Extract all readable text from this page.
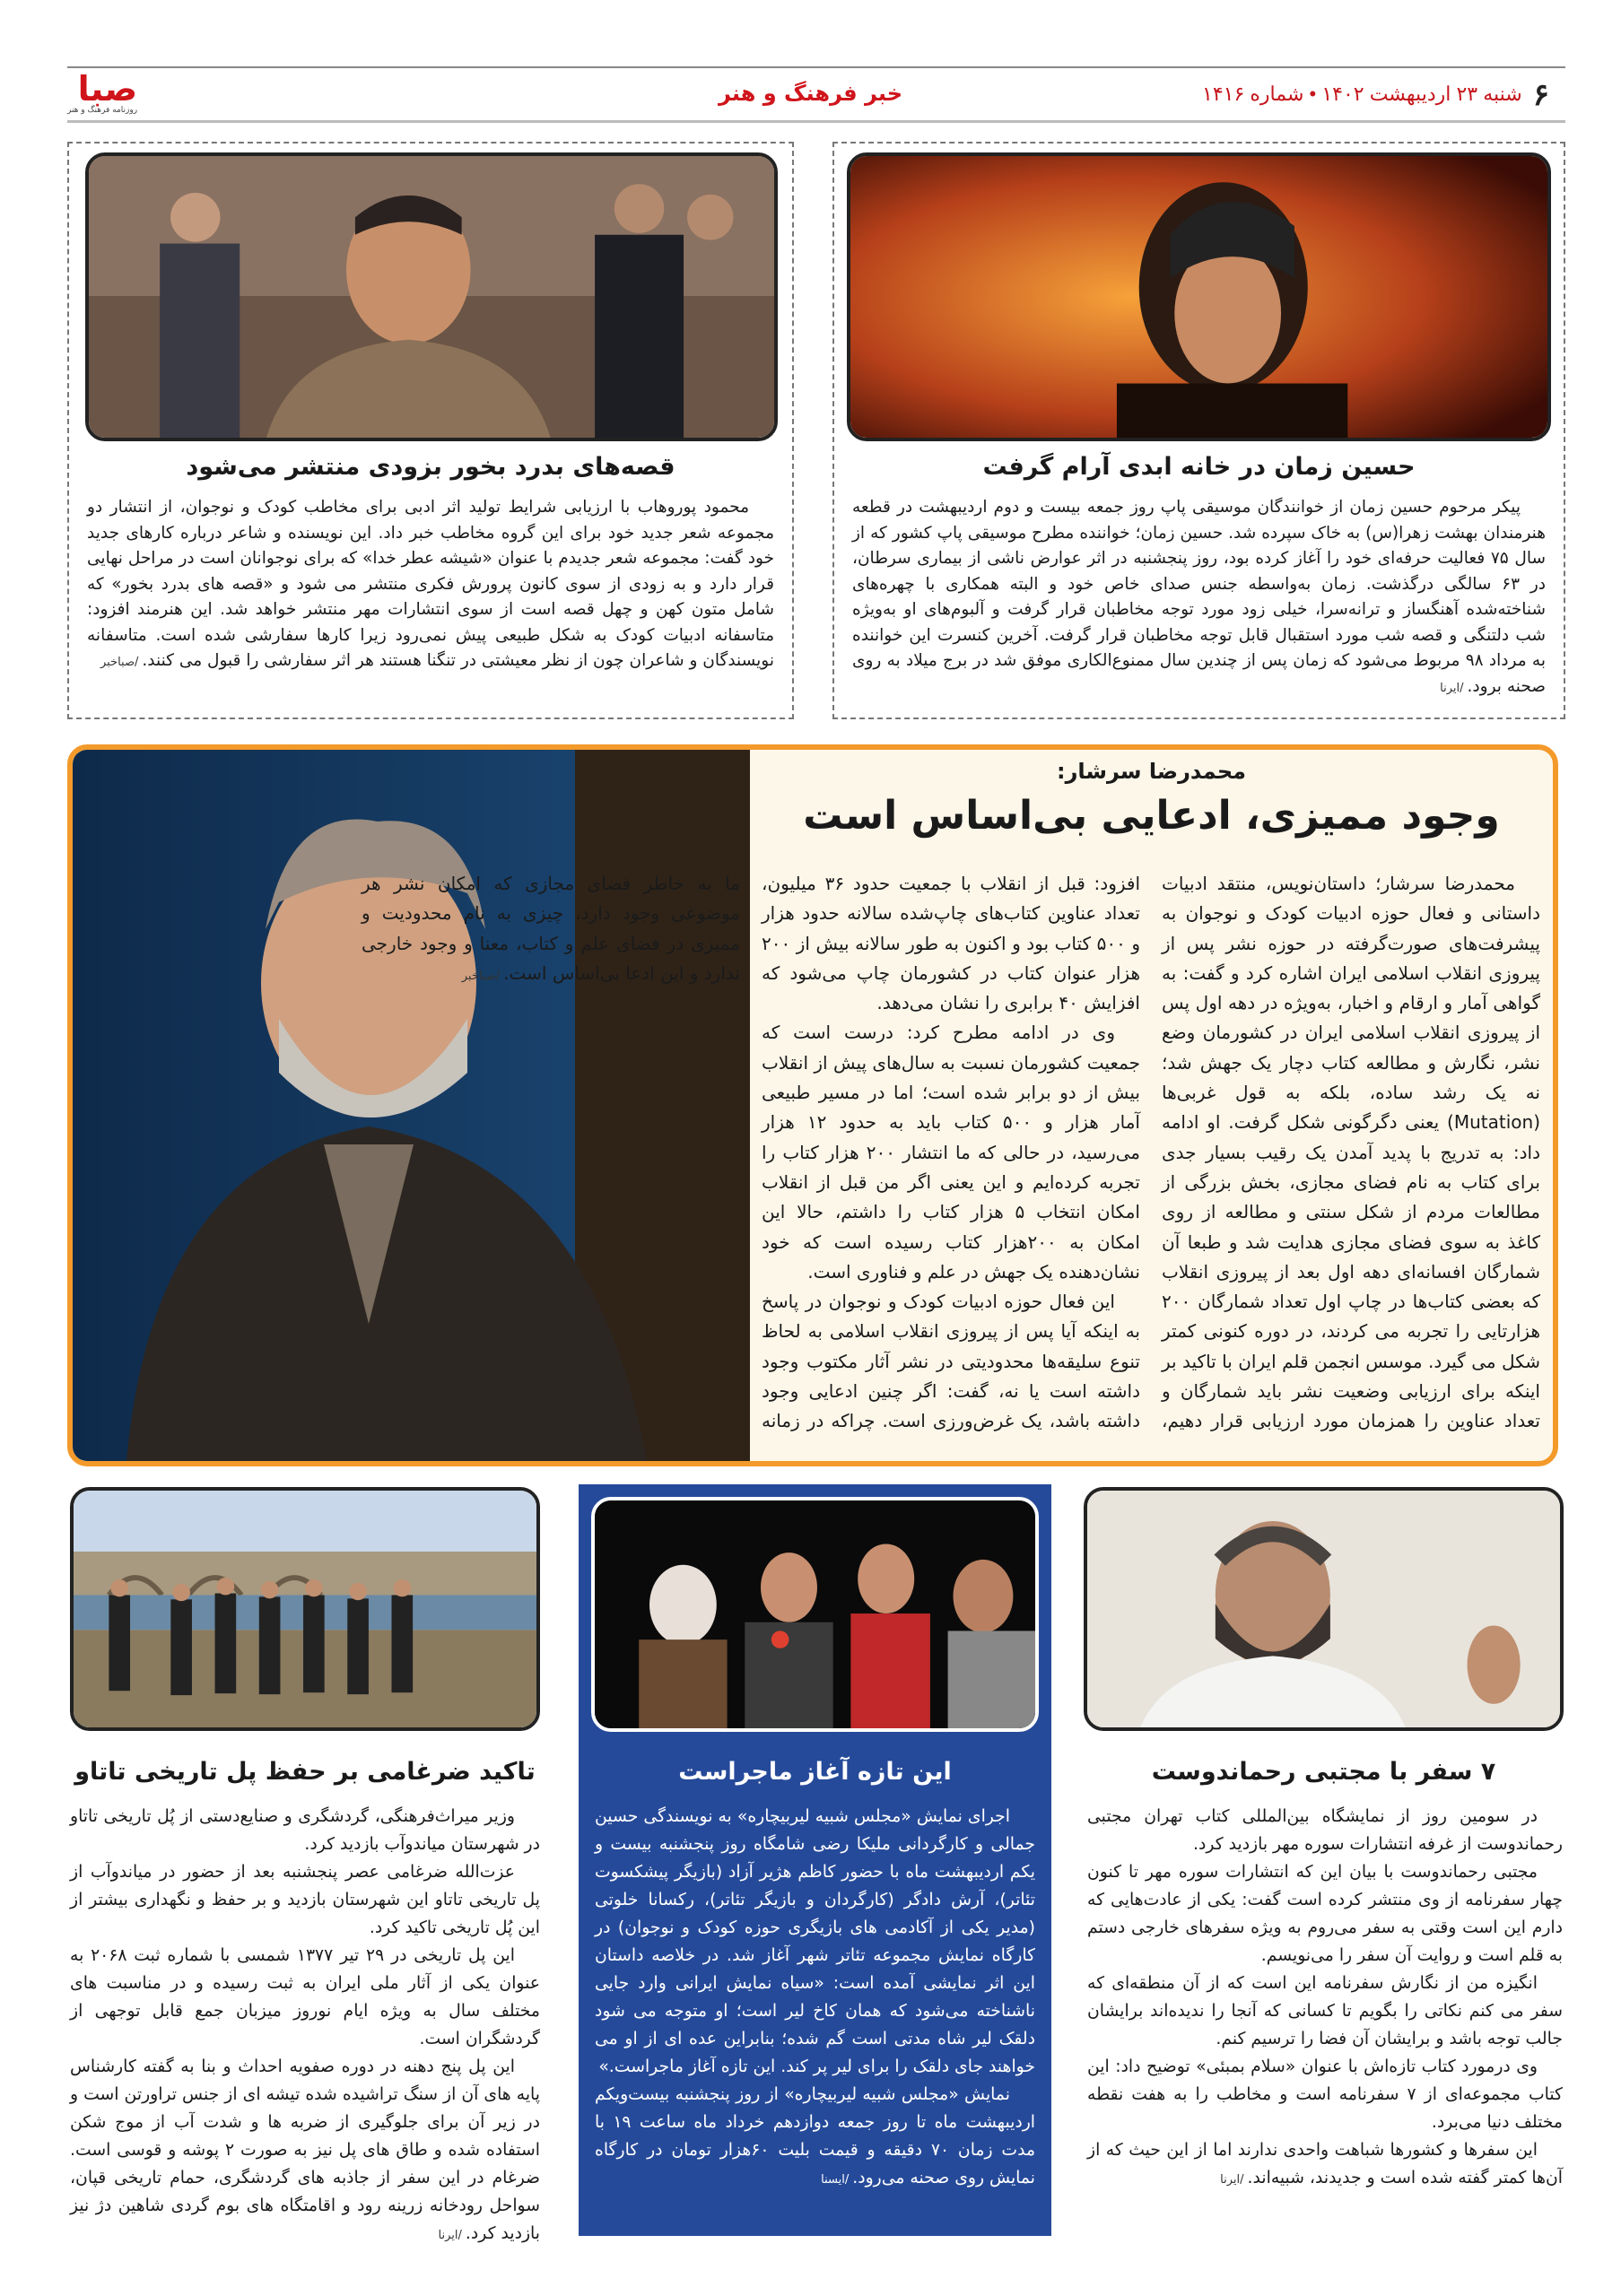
۶شنبه ۲۳ اردیبهشت ۱۴۰۲ • شماره ۱۴۱۶
خبر فرهنگ و هنر
صبا
روزنامه فرهنگ و هنر
حسین زمان در خانه ابدی آرام گرفت

پیکر مرحوم حسین زمان از خوانندگان موسیقی پاپ روز جمعه بیست و دوم اردیبهشت در قطعه هنرمندان بهشت زهرا(س) به خاک سپرده شد. حسین زمان؛ خواننده مطرح موسیقی پاپ کشور که از سال ۷۵ فعالیت حرفه‌ای خود را آغاز کرده بود، روز پنجشنبه در اثر عوارض ناشی از بیماری سرطان، در ۶۳ سالگی درگذشت. زمان به‌واسطه جنس صدای خاص خود و البته همکاری با چهره‌های شناخته‌شده آهنگساز و ترانه‌سرا، خیلی زود مورد توجه مخاطبان قرار گرفت و آلبوم‌های او به‌ویژه شب دلتنگی و قصه شب مورد استقبال قابل توجه مخاطبان قرار گرفت. آخرین کنسرت این خواننده به مرداد ۹۸ مربوط می‌شود که زمان پس از چندین سال ممنوع‌الکاری موفق شد در برج میلاد به روی صحنه برود./ایرنا

قصه‌های بدرد بخور بزودی منتشر می‌شود

محمود پوروهاب با ارزیابی شرایط تولید اثر ادبی برای مخاطب کودک و نوجوان، از انتشار دو مجموعه شعر جدید خود برای این گروه مخاطب خبر داد. این نویسنده و شاعر درباره کارهای جدید خود گفت: مجموعه شعر جدیدم با عنوان «شیشه عطر خدا» که برای نوجوانان است در مراحل نهایی قرار دارد و به زودی از سوی کانون پرورش فکری منتشر می شود و «قصه های بدرد بخور» که شامل متون کهن و چهل قصه است از سوی انتشارات مهر منتشر خواهد شد. این هنرمند افزود: متاسفانه ادبیات کودک به شکل طبیعی پیش نمی‌رود زیرا کارها سفارشی شده است. متاسفانه نویسندگان و شاعران چون از نظر معیشتی در تنگنا هستند هر اثر سفارشی را قبول می کنند./صباخبر

محمدرضا سرشار:
وجود ممیزی، ادعایی بی‌اساس است

محمدرضا سرشار؛ داستان‌نویس، منتقد ادبیات داستانی و فعال حوزه ادبیات کودک و نوجوان به پیشرفت‌های صورت‌گرفته در حوزه نشر پس از پیروزی انقلاب اسلامی ایران اشاره کرد و گفت: به گواهی آمار و ارقام و اخبار، به‌ویژه در دهه اول پس از پیروزی انقلاب اسلامی ایران در کشورمان وضع نشر، نگارش و مطالعه کتاب دچار یک جهش شد؛ نه یک رشد ساده، بلکه به قول غربی‌ها (Mutation) یعنی دگرگونی شکل گرفت. او ادامه داد: به تدریج با پدید آمدن یک رقیب بسیار جدی برای کتاب به نام فضای مجازی، بخش بزرگی از مطالعات مردم از شکل سنتی و مطالعه از روی کاغذ به سوی فضای مجازی هدایت شد و طبعا آن شمارگان افسانه‌ای دهه اول بعد از پیروزی انقلاب که بعضی کتاب‌ها در چاپ اول تعداد شمارگان ۲۰۰ هزارتایی را تجربه می کردند، در دوره کنونی کمتر شکل می گیرد. موسس انجمن قلم ایران با تاکید بر اینکه برای ارزیابی وضعیت نشر باید شمارگان و تعداد عناوین را همزمان مورد ارزیابی قرار دهیم، افزود: قبل از انقلاب با جمعیت حدود ۳۶ میلیون، تعداد عناوین کتاب‌های چاپ‌شده سالانه حدود هزار و ۵۰۰ کتاب بود و اکنون به طور سالانه بیش از ۲۰۰ هزار عنوان کتاب در کشورمان چاپ می‌شود که افزایش ۴۰ برابری را نشان می‌دهد.

وی در ادامه مطرح کرد: درست است که جمعیت کشورمان نسبت به سال‌های پیش از انقلاب بیش از دو برابر شده است؛ اما در مسیر طبیعی آمار هزار و ۵۰۰ کتاب باید به حدود ۱۲ هزار می‌رسید، در حالی که ما انتشار ۲۰۰ هزار کتاب را تجربه کرده‌ایم و این یعنی اگر من قبل از انقلاب امکان انتخاب ۵ هزار کتاب را داشتم، حالا این امکان به ۲۰۰هزار کتاب رسیده است که خود نشان‌دهنده یک جهش در علم و فناوری است.

این فعال حوزه ادبیات کودک و نوجوان در پاسخ به اینکه آیا پس از پیروزی انقلاب اسلامی به لحاظ تنوع سلیقه‌ها محدودیتی در نشر آثار مکتوب وجود داشته است یا نه، گفت: اگر چنین ادعایی وجود داشته باشد، یک غرض‌ورزی است. چراکه در زمانه ما به خاطر فضای مجازی که امکان نشر هر موضوعی وجود دارد، چیزی به نام محدودیت و ممیزی در فضای علم و کتاب، معنا و وجود خارجی ندارد و این ادعا بی‌اساس است./صباخبر

۷ سفر با مجتبی رحماندوست

در سومین روز از نمایشگاه بین‌المللی کتاب تهران مجتبی رحماندوست از غرفه انتشارات سوره مهر بازدید کرد.

مجتبی رحماندوست با بیان این که انتشارات سوره مهر تا کنون چهار سفرنامه از وی منتشر کرده است گفت: یکی از عادت‌هایی که دارم این است وقتی به سفر می‌روم به ویژه سفرهای خارجی دستم به قلم است و روایت آن سفر را می‌نویسم.

انگیزه من از نگارش سفرنامه این است که از آن منطقه‌ای که سفر می کنم نکاتی را بگویم تا کسانی که آنجا را ندیده‌اند برایشان جالب توجه باشد و برایشان آن فضا را ترسیم کنم.

وی درمورد کتاب تازه‌اش با عنوان «سلام بمبئی» توضیح داد: این کتاب مجموعه‌ای از ۷ سفرنامه است و مخاطب را به هفت نقطه مختلف دنیا می‌برد.

این سفرها و کشورها شباهت واحدی ندارند اما از این حیث که از آن‌ها کمتر گفته شده است و جدیدند، شبیه‌اند./ایرنا

این تازه آغاز ماجراست

اجرای نمایش «مجلس شبیه لیربیچاره» به نویسندگی حسین جمالی و کارگردانی ملیکا رضی شامگاه روز پنجشنبه بیست و یکم اردیبهشت ماه با حضور کاظم هژیر آزاد (بازیگر پیشکسوت تئاتر)، آرش دادگر (کارگردان و بازیگر تئاتر)، رکسانا خلوتی (مدیر یکی از آکادمی های بازیگری حوزه کودک و نوجوان) در کارگاه نمایش مجموعه تئاتر شهر آغاز شد. در خلاصه داستان این اثر نمایشی آمده است: «سیاه نمایش ایرانی وارد جایی ناشناخته می‌شود که همان کاخ لیر است؛ او متوجه می شود دلقک لیر شاه مدتی است گم شده؛ بنابراین عده ای از او می خواهند جای دلقک را برای لیر پر کند. این تازه آغاز ماجراست.»

نمایش «مجلس شبیه لیربیچاره» از روز پنجشنبه بیست‌ویکم اردیبهشت ماه تا روز جمعه دوازدهم خرداد ماه ساعت ۱۹ با مدت زمان ۷۰ دقیقه و قیمت بلیت ۶۰هزار تومان در کارگاه نمایش روی صحنه می‌رود./ایسنا

تاکید ضرغامی بر حفظ پل تاریخی تاتاو

وزیر میراث‌فرهنگی، گردشگری و صنایع‌دستی از پُل تاریخی تاتاو در شهرستان میاندوآب بازدید کرد.

عزت‌الله ضرغامی عصر پنجشنبه بعد از حضور در میاندوآب از پل تاریخی تاتاو این شهرستان بازدید و بر حفظ و نگهداری بیشتر از این پُل تاریخی تاکید کرد.

این پل تاریخی در ۲۹ تیر ۱۳۷۷ شمسی با شماره ثبت ۲۰۶۸ به عنوان یکی از آثار ملی ایران به ثبت رسیده و در مناسبت های مختلف سال به ویژه ایام نوروز میزبان جمع قابل توجهی از گردشگران است.

این پل پنج دهنه در دوره صفویه احداث و بنا به گفته کارشناس پایه های آن از سنگ تراشیده شده تیشه ای از جنس تراورتن است و در زیر آن برای جلوگیری از ضربه ها و شدت آب از موج شکن استفاده شده و طاق های پل نیز به صورت ۲ پوشه و قوسی است. ضرغام در این سفر از جاذبه های گردشگری، حمام تاریخی قپان، سواحل رودخانه زرینه رود و اقامتگاه های بوم گردی شاهین دژ نیز بازدید کرد./ایرنا
